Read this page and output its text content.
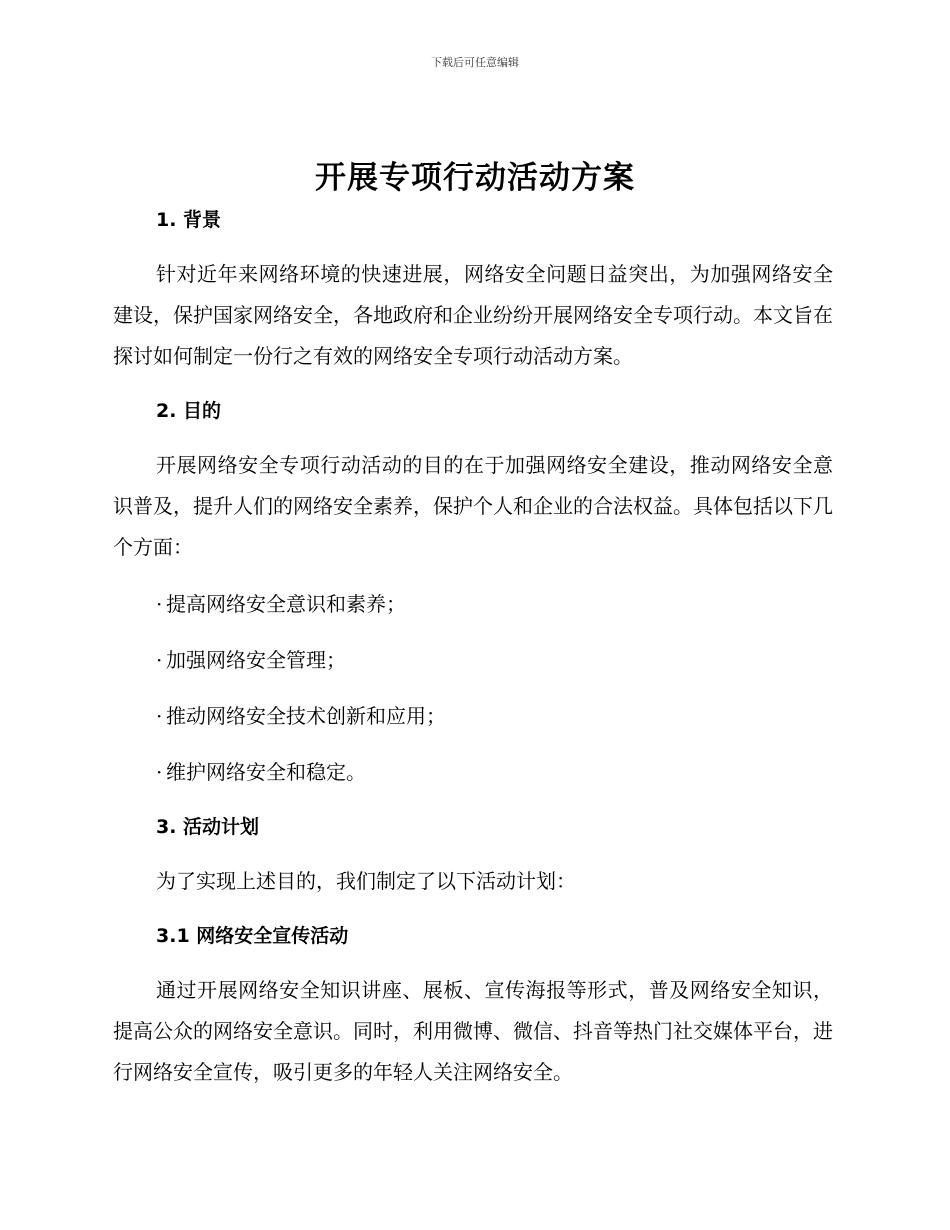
下载后可任意编辑
开展专项行动活动方案

1. 背景

针对近年来网络环境的快速进展，网络安全问题日益突出，为加强网络安全建设，保护国家网络安全，各地政府和企业纷纷开展网络安全专项行动。本文旨在探讨如何制定一份行之有效的网络安全专项行动活动方案。

2. 目的

开展网络安全专项行动活动的目的在于加强网络安全建设，推动网络安全意识普及，提升人们的网络安全素养，保护个人和企业的合法权益。具体包括以下几个方面：

· 提高网络安全意识和素养；

· 加强网络安全管理；

· 推动网络安全技术创新和应用；

· 维护网络安全和稳定。

3. 活动计划

为了实现上述目的，我们制定了以下活动计划：

3.1 网络安全宣传活动

通过开展网络安全知识讲座、展板、宣传海报等形式，普及网络安全知识，提高公众的网络安全意识。同时，利用微博、微信、抖音等热门社交媒体平台，进行网络安全宣传，吸引更多的年轻人关注网络安全。
